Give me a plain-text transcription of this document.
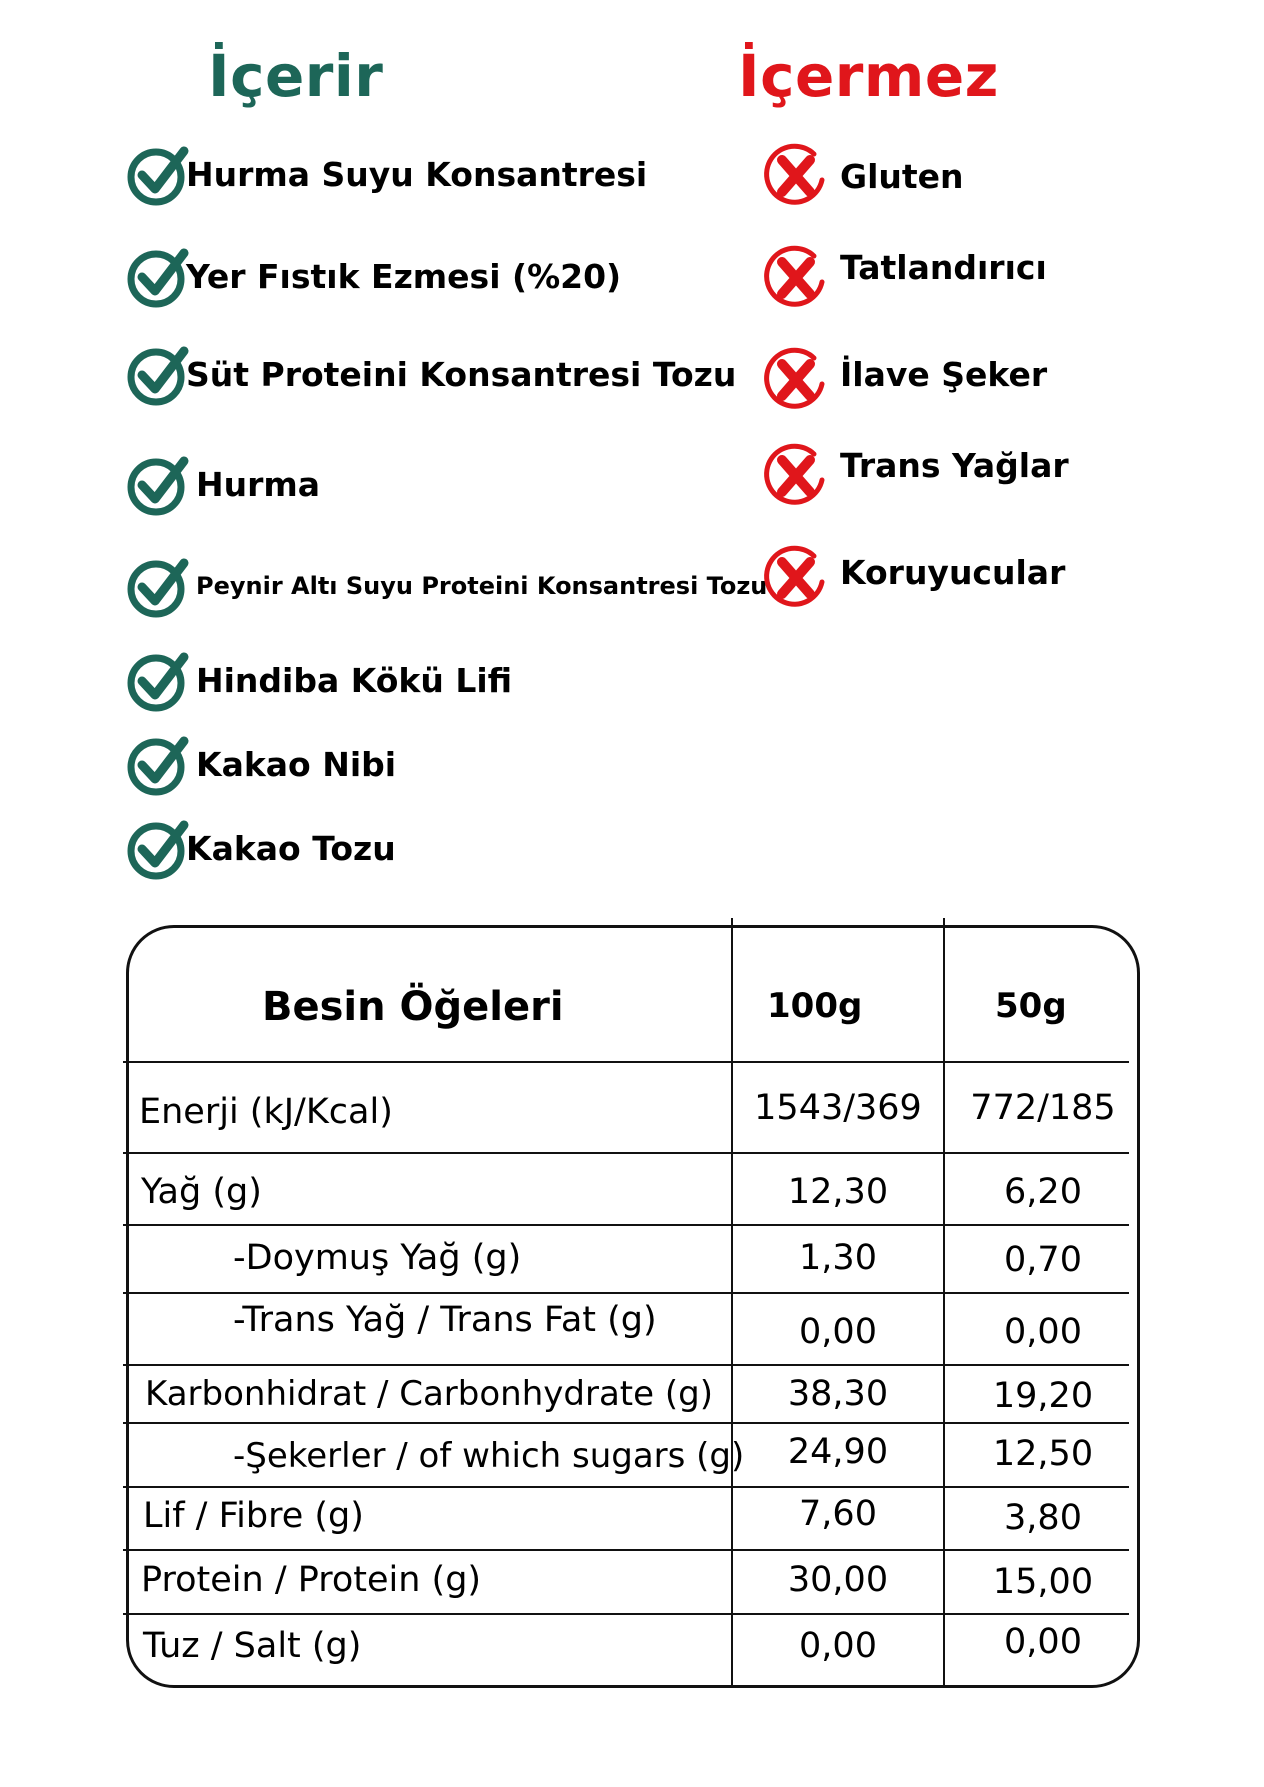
İçerir	İçermez
Hurma Suyu Konsantresi
Yer Fıstık Ezmesi (%20)
Süt Proteini Konsantresi Tozu
Hurma
Peynir Altı Suyu Proteini Konsantresi Tozu
Hindiba Kökü Lifi
Kakao Nibi
Kakao Tozu
Gluten
Tatlandırıcı
İlave Şeker
Trans Yağlar
Koruyucular
Besin Öğeleri	100g	50g
Enerji (kJ/Kcal)	1543/369	772/185
Yağ (g)	12,30	6,20
-Doymuş Yağ (g)	1,30	0,70
-Trans Yağ / Trans Fat (g)	0,00	0,00
Karbonhidrat / Carbonhydrate (g)	38,30	19,20
-Şekerler / of which sugars (g)	24,90	12,50
Lif / Fibre (g)	7,60	3,80
Protein / Protein (g)	30,00	15,00
Tuz / Salt (g)	0,00	0,00
